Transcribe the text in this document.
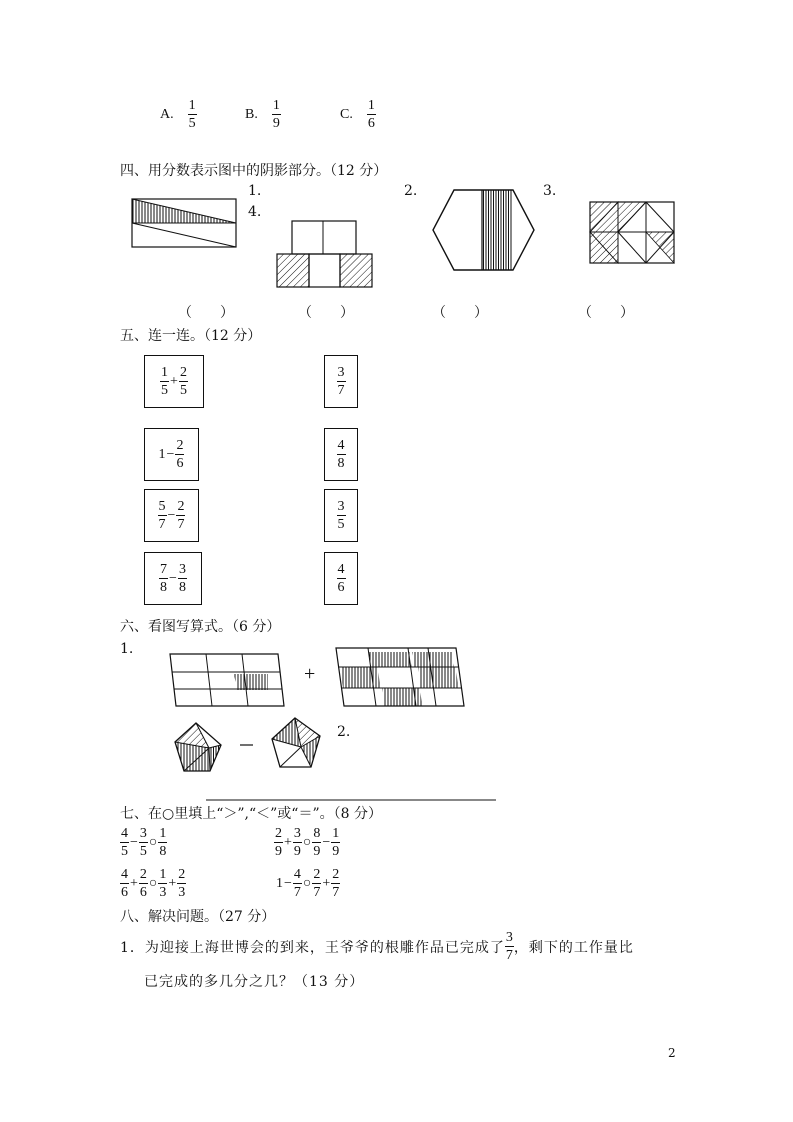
A. $\frac{1}{5}$	B. $\frac{1}{9}$	C. $\frac{1}{6}$
四、用分数表示图中的阴影部分。（12 分）
1.	2.	3.
4.
（　　）	（　　）	（　　）	（　　）
五、连一连。（12 分）
$\frac{1}{5} + \frac{2}{5}$
$1 - \frac{2}{6}$
$\frac{5}{7} - \frac{2}{7}$
$\frac{7}{8} - \frac{3}{8}$
$\frac{3}{7}$
$\frac{4}{8}$
$\frac{3}{5}$
$\frac{4}{6}$
六、看图写算式。（6 分）
1.
+
2.
七、在○里填上“＞”,“＜”或“＝”。（8 分）
$\frac{4}{5} - \frac{3}{5}$ ○ $\frac{1}{8}$	$\frac{2}{9} + \frac{3}{9}$ ○ $\frac{8}{9} - \frac{1}{9}$
$\frac{4}{6} + \frac{2}{6}$ ○ $\frac{1}{3} + \frac{2}{3}$	$1 - \frac{4}{7}$ ○ $\frac{2}{7} + \frac{2}{7}$
八、解决问题。（27 分）
1．为迎接上海世博会的到来，王爷爷的根雕作品已完成了 $\frac{3}{7}$ ，剩下的工作量比
已完成的多几分之几？（13 分）
2
